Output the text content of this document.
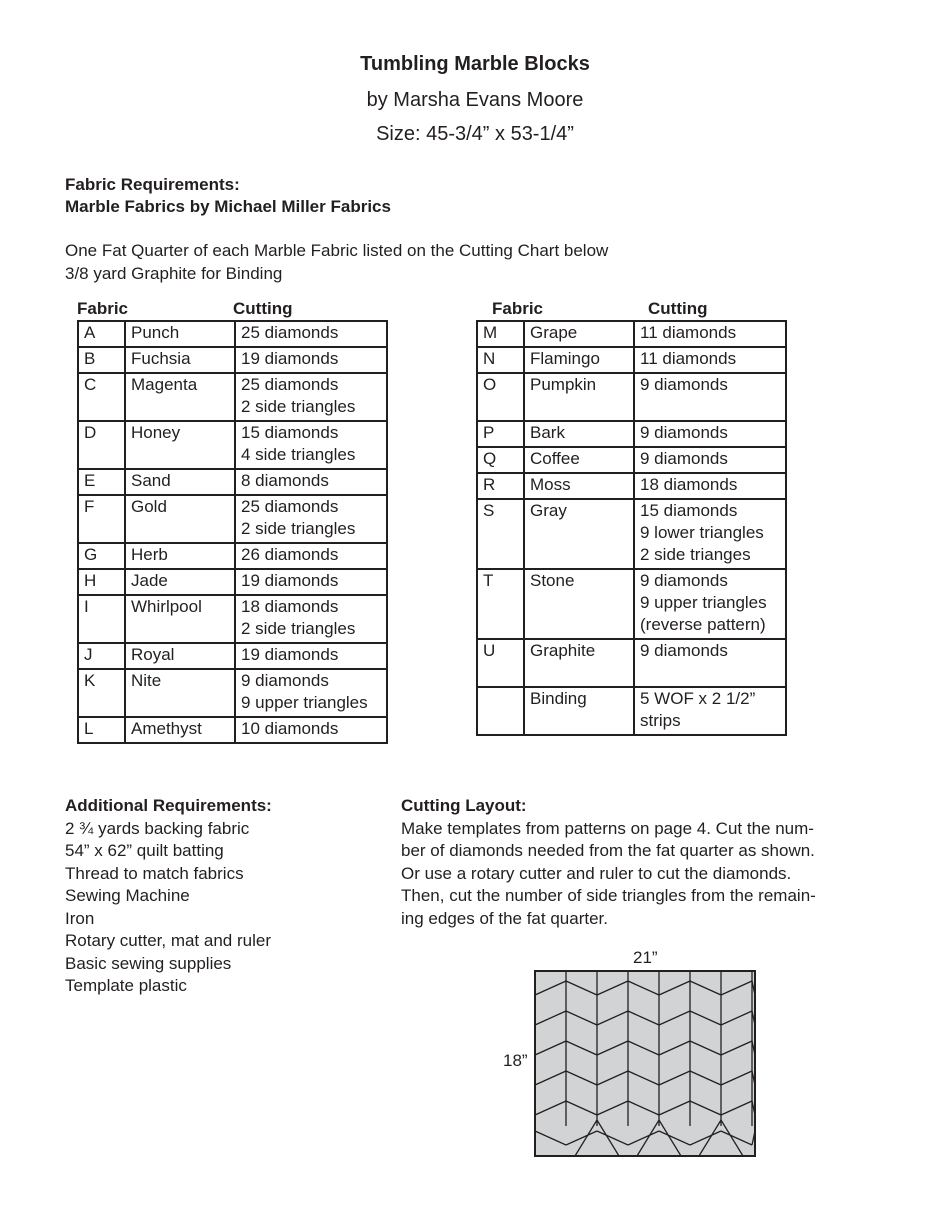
Tumbling Marble Blocks
by Marsha Evans Moore
Size: 45-3/4” x 53-1/4”
Fabric Requirements:
Marble Fabrics by Michael Miller Fabrics
One Fat Quarter of each Marble Fabric listed on the Cutting Chart below
3/8 yard Graphite for Binding
Fabric	Cutting
A	Punch	25 diamonds

B	Fuchsia	19 diamonds

C	Magenta	25 diamonds
2 side triangles

D	Honey	15 diamonds
4 side triangles

E	Sand	8 diamonds

F	Gold	25 diamonds
2 side triangles

G	Herb	26 diamonds

H	Jade	19 diamonds

I	Whirlpool	18 diamonds
2 side triangles

J	Royal	19 diamonds

K	Nite	9 diamonds
9 upper triangles

L	Amethyst	10 diamonds
Fabric	Cutting
M	Grape	11 diamonds

N	Flamingo	11 diamonds

O	Pumpkin	9 diamonds

P	Bark	9 diamonds

Q	Coffee	9 diamonds

R	Moss	18 diamonds

S	Gray	15 diamonds
9 lower triangles
2 side trianges

T	Stone	9 diamonds
9 upper triangles
(reverse pattern)

U	Graphite	9 diamonds

	Binding	5 WOF x 2 1/2”
strips
Additional Requirements:
2 ¾ yards backing fabric
54” x 62” quilt batting
Thread to match fabrics
Sewing Machine
Iron
Rotary cutter, mat and ruler
Basic sewing supplies
Template plastic
Cutting Layout:
Make templates from patterns on page 4. Cut the num-
ber of diamonds needed from the fat quarter as shown.
Or use a rotary cutter and ruler to cut the diamonds.
Then, cut the number of side triangles from the remain-
ing edges of the fat quarter.
21”
18”
